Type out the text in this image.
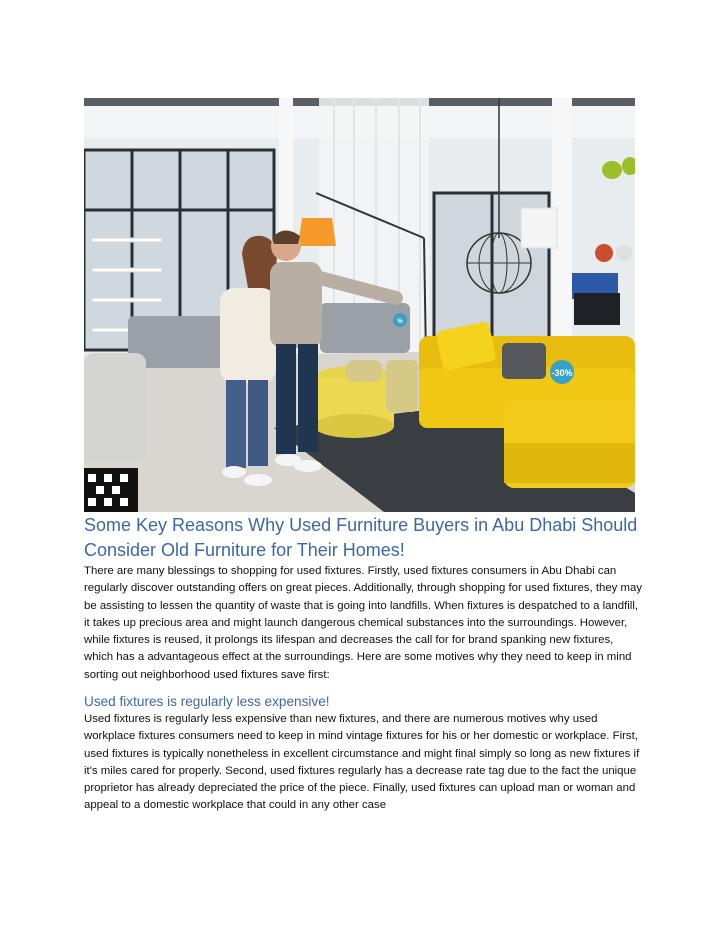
-30%
%
Some Key Reasons Why Used Furniture Buyers in Abu Dhabi Should Consider Old Furniture for Their Homes!

There are many blessings to shopping for used fixtures. Firstly, used fixtures consumers in Abu Dhabi can regularly discover outstanding offers on great pieces. Additionally, through shopping for used fixtures, they may be assisting to lessen the quantity of waste that is going into landfills. When fixtures is despatched to a landfill, it takes up precious area and might launch dangerous chemical substances into the surroundings. However, while fixtures is reused, it prolongs its lifespan and decreases the call for for brand spanking new fixtures, which has a advantageous effect at the surroundings. Here are some motives why they need to keep in mind sorting out neighborhood used fixtures save first:

Used fixtures is regularly less expensive!

Used fixtures is regularly less expensive than new fixtures, and there are numerous motives why used workplace fixtures consumers need to keep in mind vintage fixtures for his or her domestic or workplace. First, used fixtures is typically nonetheless in excellent circumstance and might final simply so long as new fixtures if it's miles cared for properly. Second, used fixtures regularly has a decrease rate tag due to the fact the unique proprietor has already depreciated the price of the piece. Finally, used fixtures can upload man or woman and appeal to a domestic workplace that could in any other case
